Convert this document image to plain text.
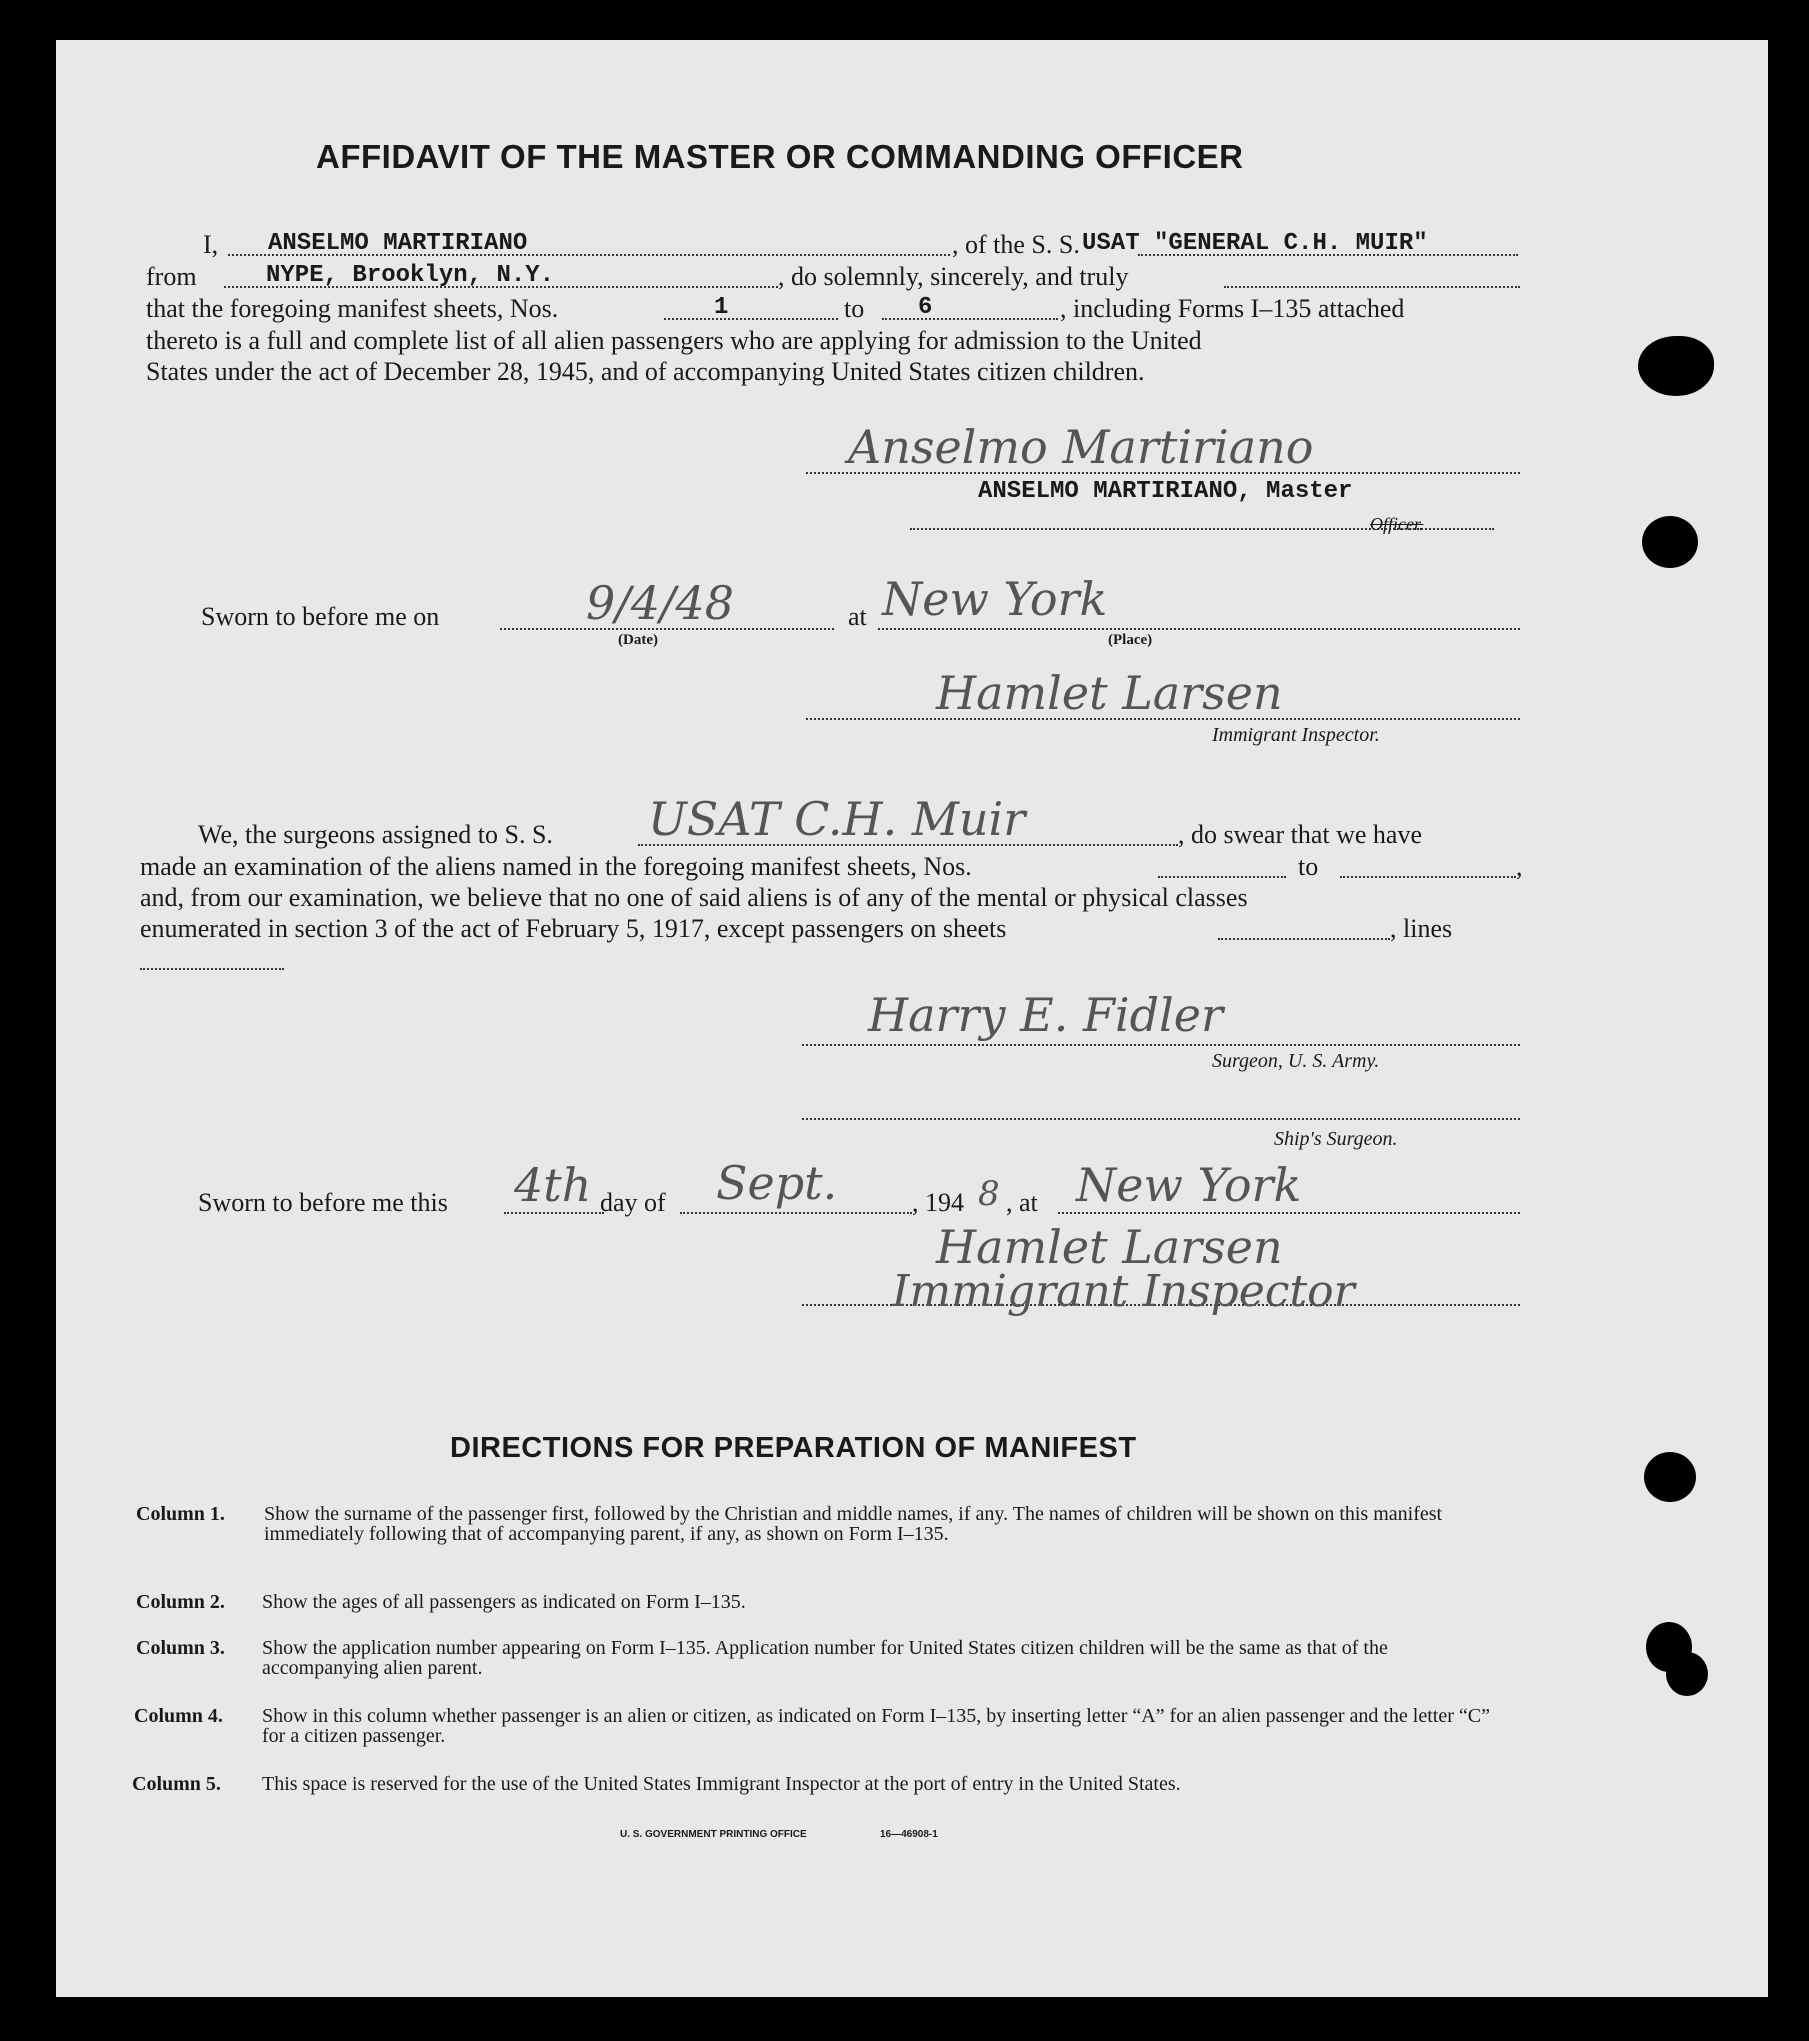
AFFIDAVIT OF THE MASTER OR COMMANDING OFFICER
I, ANSELMO MARTIRIANO	, of the S. S. USAT "GENERAL C.H. MUIR"
from	NYPE, Brooklyn, N.Y.	, do solemnly, sincerely, and truly
that the foregoing manifest sheets, Nos.	1	to 6	, including Forms I–135 attached
thereto is a full and complete list of all alien passengers who are applying for admission to the United
States under the act of December 28, 1945, and of accompanying United States citizen children.
Anselmo Martiriano
ANSELMO MARTIRIANO, Master
Officer.
Sworn to before me on	9/4/48
(Date)
at New York
(Place)
Hamlet Larsen
Immigrant Inspector.
We, the surgeons assigned to S. S. USAT C.H. Muir	, do swear that we have
made an examination of the aliens named in the foregoing manifest sheets, Nos.	to	,
and, from our examination, we believe that no one of said aliens is of any of the mental or physical classes
enumerated in section 3 of the act of February 5, 1917, except passengers on sheets	, lines
Harry E. Fidler
Surgeon, U. S. Army.
Ship's Surgeon.
Sworn to before me this 4th day of Sept.	, 194 8 , at New York
Hamlet Larsen
Immigrant Inspector
DIRECTIONS FOR PREPARATION OF MANIFEST
Column 1. Show the surname of the passenger first, followed by the Christian and middle names, if any. The names of children will be shown on this manifest immediately following that of accompanying parent, if any, as shown on Form I–135.
Column 2. Show the ages of all passengers as indicated on Form I–135.
Column 3. Show the application number appearing on Form I–135. Application number for United States citizen children will be the same as that of the accompanying alien parent.
Column 4. Show in this column whether passenger is an alien or citizen, as indicated on Form I–135, by inserting letter “A” for an alien passenger and the letter “C” for a citizen passenger.
Column 5. This space is reserved for the use of the United States Immigrant Inspector at the port of entry in the United States.
U. S. GOVERNMENT PRINTING OFFICE	16—46908-1
